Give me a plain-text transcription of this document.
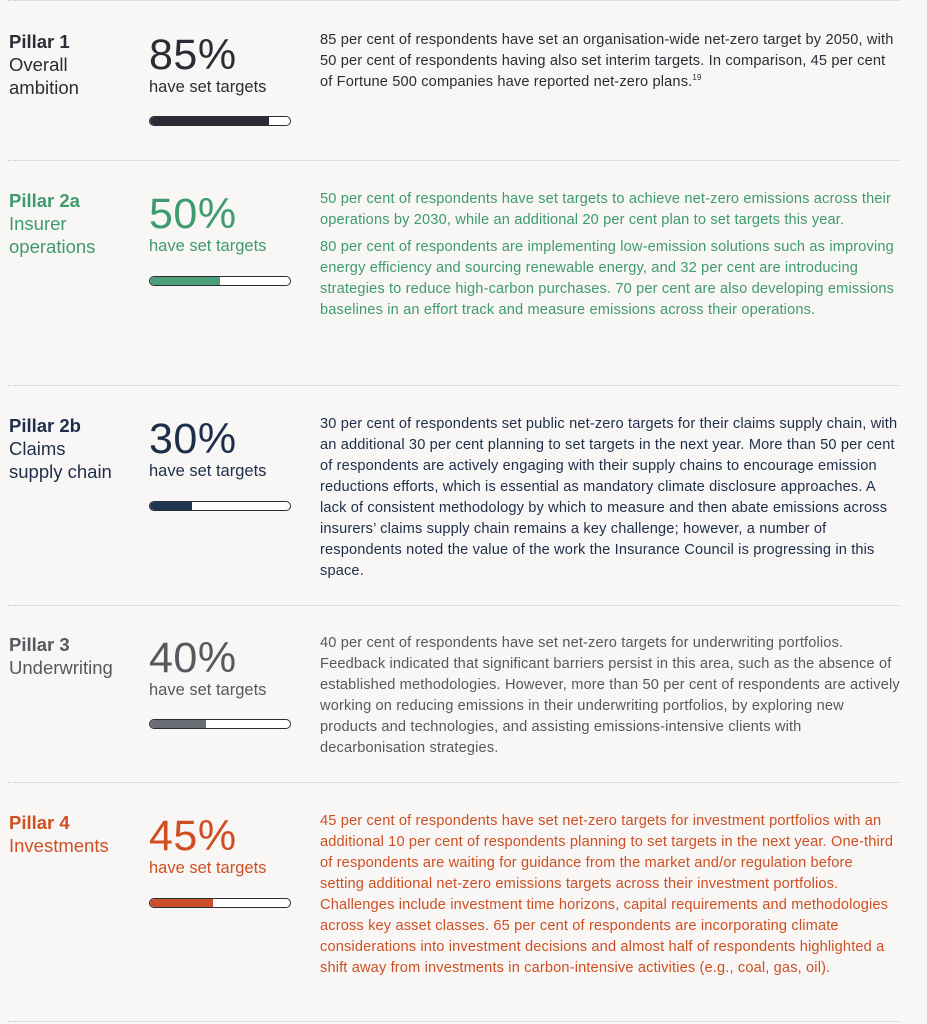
Pillar 1
Overall
ambition
85%
have set targets

85 per cent of respondents have set an organisation-wide net-zero target by 2050, with 50 per cent of respondents having also set interim targets. In comparison, 45 per cent of Fortune 500 companies have reported net-zero plans.$^{19}$

Pillar 2a
Insurer
operations
50%
have set targets

50 per cent of respondents have set targets to achieve net-zero emissions across their operations by 2030, while an additional 20 per cent plan to set targets this year.

80 per cent of respondents are implementing low-emission solutions such as improving energy efficiency and sourcing renewable energy, and 32 per cent are introducing strategies to reduce high-carbon purchases. 70 per cent are also developing emissions baselines in an effort track and measure emissions across their operations.

Pillar 2b
Claims
supply chain
30%
have set targets

30 per cent of respondents set public net-zero targets for their claims supply chain, with an additional 30 per cent planning to set targets in the next year. More than 50 per cent of respondents are actively engaging with their supply chains to encourage emission reductions efforts, which is essential as mandatory climate disclosure approaches. A lack of consistent methodology by which to measure and then abate emissions across insurers’ claims supply chain remains a key challenge; however, a number of respondents noted the value of the work the Insurance Council is progressing in this space.

Pillar 3
Underwriting 40%
have set targets

40 per cent of respondents have set net-zero targets for underwriting portfolios. Feedback indicated that significant barriers persist in this area, such as the absence of established methodologies. However, more than 50 per cent of respondents are actively working on reducing emissions in their underwriting portfolios, by exploring new products and technologies, and assisting emissions-intensive clients with decarbonisation strategies.

Pillar 4
Investments 45%
have set targets

45 per cent of respondents have set net-zero targets for investment portfolios with an additional 10 per cent of respondents planning to set targets in the next year. One-third of respondents are waiting for guidance from the market and/or regulation before setting additional net-zero emissions targets across their investment portfolios. Challenges include investment time horizons, capital requirements and methodologies across key asset classes. 65 per cent of respondents are incorporating climate considerations into investment decisions and almost half of respondents highlighted a shift away from investments in carbon-intensive activities (e.g., coal, gas, oil).
